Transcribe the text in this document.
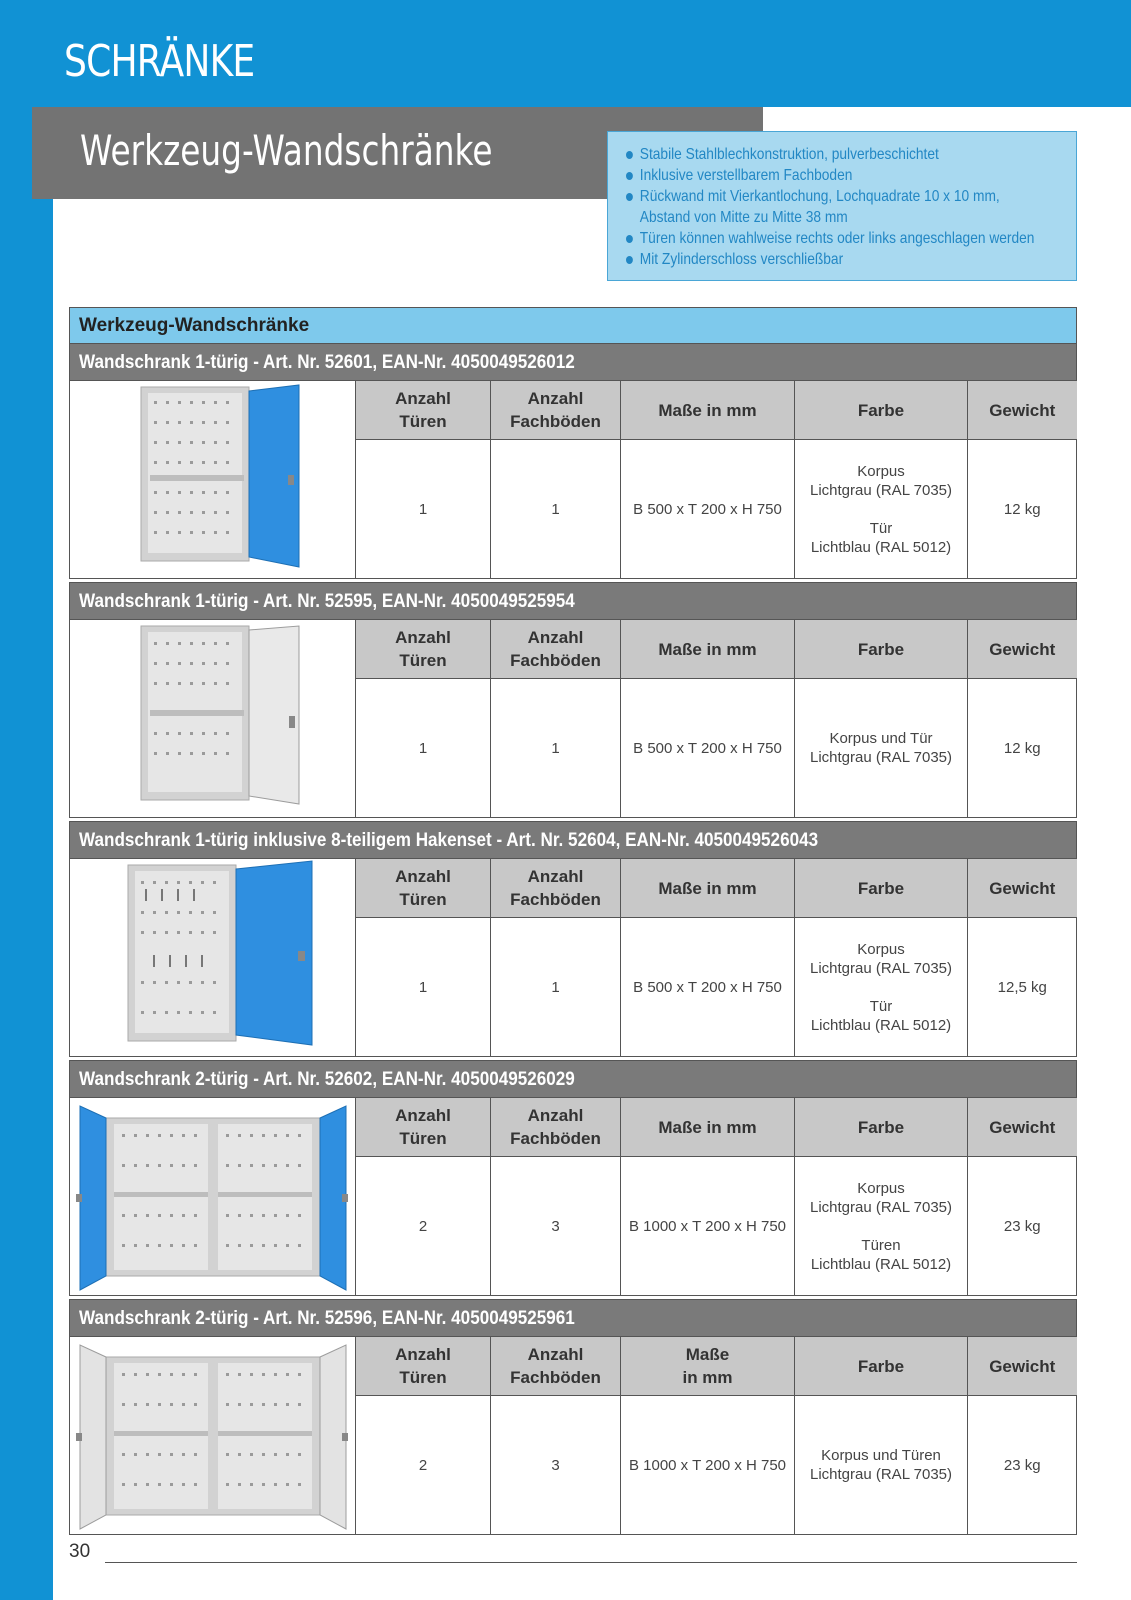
SCHRÄNKE
Werkzeug-Wandschränke	Stabile Stahlblechkonstruktion, pulverbeschichtet
Inklusive verstellbarem Fachboden
Rückwand mit Vierkantlochung, Lochquadrate 10 x 10 mm,
Abstand von Mitte zu Mitte 38 mm
Türen können wahlweise rechts oder links angeschlagen werden
Mit Zylinderschloss verschließbar
Werkzeug-Wandschränke
Wandschrank 1-türig - Art. Nr. 52601, EAN-Nr. 4050049526012
Anzahl
Türen	Anzahl
Fachböden	Maße in mm	Farbe	Gewicht
1	1	B 500 x T 200 x H 750	Korpus
Lichtgrau (RAL 7035)

Tür
Lichtblau (RAL 5012)	12 kg
Wandschrank 1-türig - Art. Nr. 52595, EAN-Nr. 4050049525954
Anzahl
Türen	Anzahl
Fachböden	Maße in mm	Farbe	Gewicht
1	1	B 500 x T 200 x H 750	Korpus und Tür
Lichtgrau (RAL 7035)	12 kg
Wandschrank 1-türig inklusive 8-teiligem Hakenset - Art. Nr. 52604, EAN-Nr. 4050049526043
Anzahl
Türen	Anzahl
Fachböden	Maße in mm	Farbe	Gewicht
1	1	B 500 x T 200 x H 750	Korpus
Lichtgrau (RAL 7035)

Tür
Lichtblau (RAL 5012)	12,5 kg
Wandschrank 2-türig - Art. Nr. 52602, EAN-Nr. 4050049526029
Anzahl
Türen	Anzahl
Fachböden	Maße in mm	Farbe	Gewicht
2	3	B 1000 x T 200 x H 750	Korpus
Lichtgrau (RAL 7035)

Türen
Lichtblau (RAL 5012)	23 kg
Wandschrank 2-türig - Art. Nr. 52596, EAN-Nr. 4050049525961
Anzahl
Türen	Anzahl
Fachböden	Maße
in mm	Farbe	Gewicht
2	3	B 1000 x T 200 x H 750	Korpus und Türen
Lichtgrau (RAL 7035)	23 kg
30
